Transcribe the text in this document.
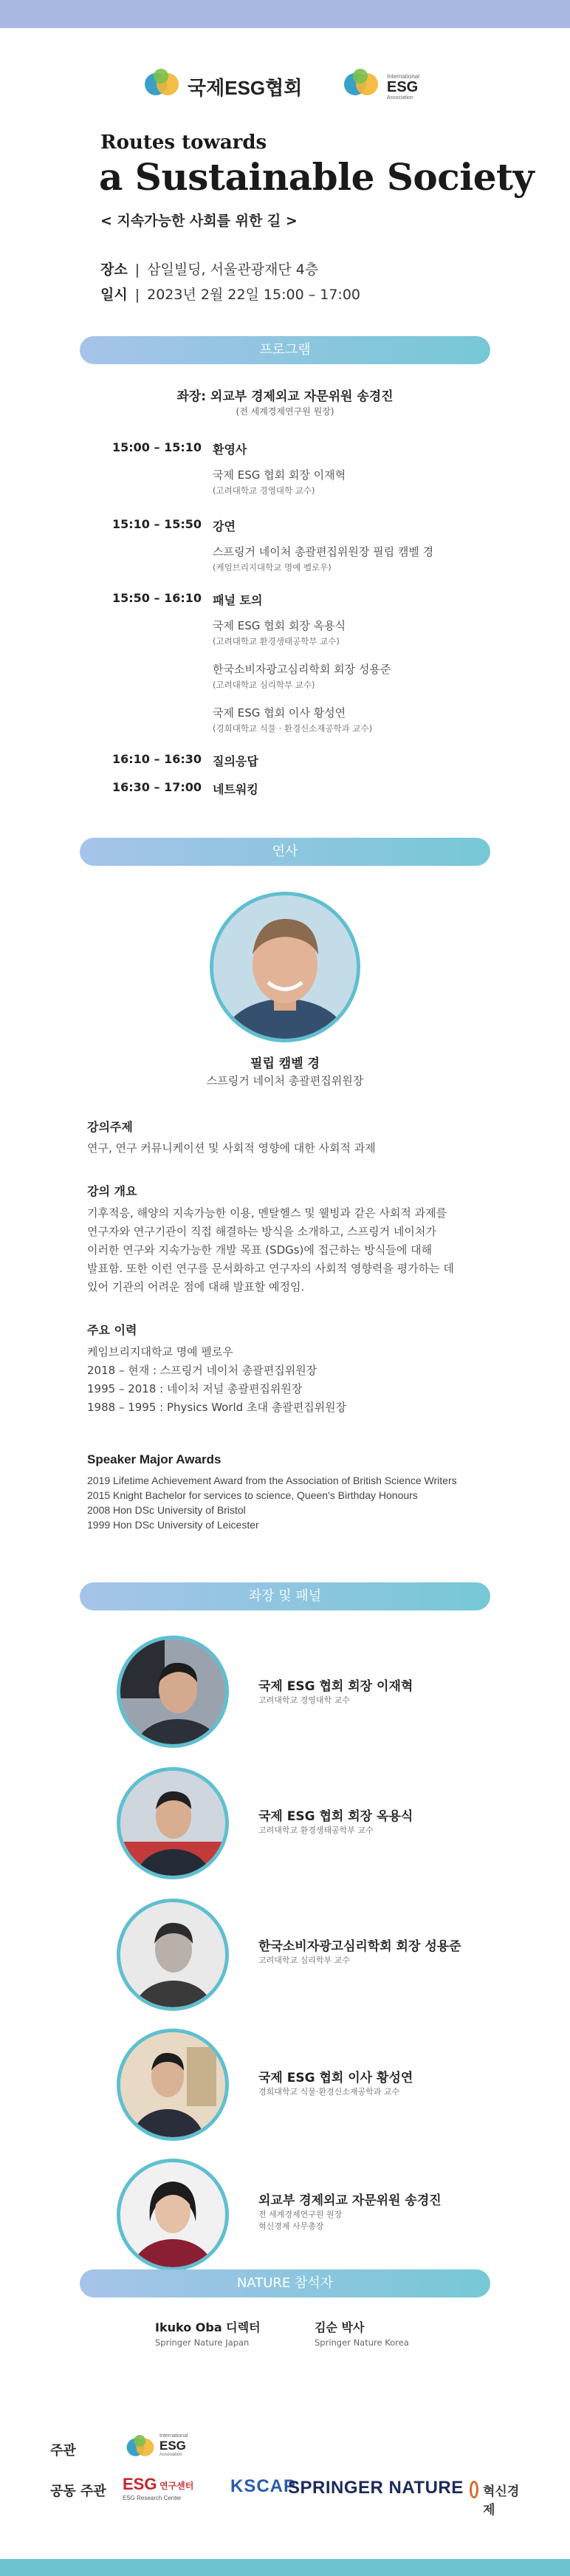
국제ESG협회
International
ESG
Association
Routes towards
a Sustainable Society
< 지속가능한 사회를 위한 길 >
장소 | 삼일빌딩, 서울관광재단 4층
일시 | 2023년 2월 22일 15:00 – 17:00
프로그램
좌장: 외교부 경제외교 자문위원 송경진
(전 세계경제연구원 원장)
15:00 – 15:10 환영사
국제 ESG 협회 회장 이재혁
(고려대학교 경영대학 교수)
15:10 – 15:50 강연
스프링거 네이처 총괄편집위원장 필립 캠벨 경
(케임브리지대학교 명예 펠로우)
15:50 – 16:10 패널 토의
국제 ESG 협회 회장 옥용식
(고려대학교 환경생태공학부 교수)
한국소비자광고심리학회 회장 성용준
(고려대학교 심리학부 교수)
국제 ESG 협회 이사 황성연
(경희대학교 식물 · 환경신소재공학과 교수)
16:10 – 16:30 질의응답
16:30 – 17:00 네트워킹
연사
필립 캠벨 경
스프링거 네이처 총괄편집위원장
강의주제
연구, 연구 커뮤니케이션 및 사회적 영향에 대한 사회적 과제
강의 개요
기후적응, 해양의 지속가능한 이용, 멘탈헬스 및 웰빙과 같은 사회적 과제를
연구자와 연구기관이 직접 해결하는 방식을 소개하고, 스프링거 네이처가
이러한 연구와 지속가능한 개발 목표 (SDGs)에 접근하는 방식들에 대해
발표함. 또한 이런 연구를 문서화하고 연구자의 사회적 영향력을 평가하는 데
있어 기관의 어려운 점에 대해 발표할 예정임.
주요 이력
케임브리지대학교 명예 펠로우
2018 – 현재 : 스프링거 네이처 총괄편집위원장
1995 – 2018 : 네이처 저널 총괄편집위원장
1988 – 1995 : Physics World 초대 총괄편집위원장
Speaker Major Awards
2019 Lifetime Achievement Award from the Association of British Science Writers
2015 Knight Bachelor for services to science, Queen's Birthday Honours
2008 Hon DSc University of Bristol
1999 Hon DSc University of Leicester
좌장 및 패널
국제 ESG 협회 회장 이재혁
고려대학교 경영대학 교수
국제 ESG 협회 회장 옥용식
고려대학교 환경생태공학부 교수
한국소비자광고심리학회 회장 성용준
고려대학교 심리학부 교수
국제 ESG 협회 이사 황성연
경희대학교 식물·환경신소재공학과 교수
외교부 경제외교 자문위원 송경진
전 세계경제연구원 원장
혁신경제 사무총장
NATURE 참석자
Ikuko Oba 디렉터
Springer Nature Japan
김순 박사
Springer Nature Korea
주관
International
ESG
Association
공동 주관 ESG 연구센터
ESG Research Center
KSCAP
SPRINGER NATURE 혁신경제
